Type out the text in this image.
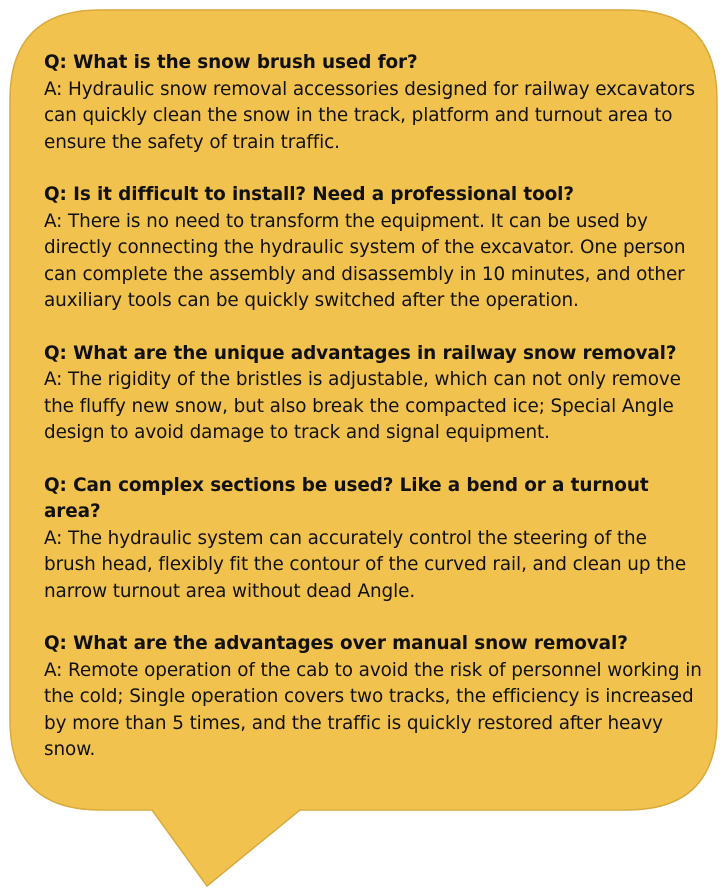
Q: What is the snow brush used for?
A: Hydraulic snow removal accessories designed for railway excavators can quickly clean the snow in the track, platform and turnout area to ensure the safety of train traffic.
Q: Is it difficult to install? Need a professional tool?
A: There is no need to transform the equipment. It can be used by directly connecting the hydraulic system of the excavator. One person can complete the assembly and disassembly in 10 minutes, and other auxiliary tools can be quickly switched after the operation.
Q: What are the unique advantages in railway snow removal?
A: The rigidity of the bristles is adjustable, which can not only remove the fluffy new snow, but also break the compacted ice; Special Angle design to avoid damage to track and signal equipment.
Q: Can complex sections be used? Like a bend or a turnout area?
A: The hydraulic system can accurately control the steering of the brush head, flexibly fit the contour of the curved rail, and clean up the narrow turnout area without dead Angle.
Q: What are the advantages over manual snow removal?
A: Remote operation of the cab to avoid the risk of personnel working in the cold; Single operation covers two tracks, the efficiency is increased by more than 5 times, and the traffic is quickly restored after heavy snow.
